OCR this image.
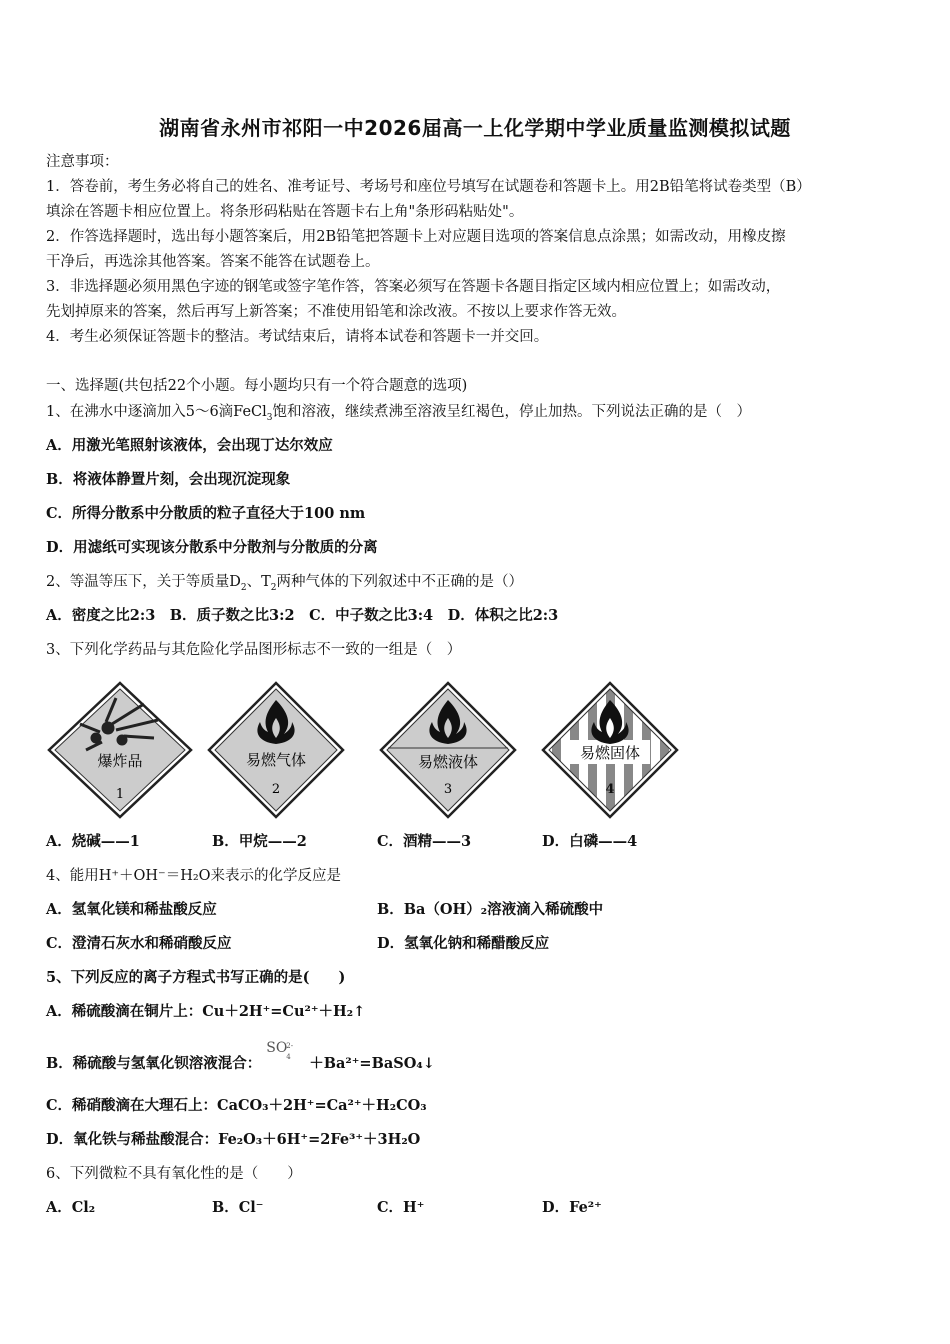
湖南省永州市祁阳一中2026届高一上化学期中学业质量监测模拟试题
注意事项：
1．答卷前，考生务必将自己的姓名、准考证号、考场号和座位号填写在试题卷和答题卡上。用2B铅笔将试卷类型（B）
填涂在答题卡相应位置上。将条形码粘贴在答题卡右上角"条形码粘贴处"。
2．作答选择题时，选出每小题答案后，用2B铅笔把答题卡上对应题目选项的答案信息点涂黑；如需改动，用橡皮擦
干净后，再选涂其他答案。答案不能答在试题卷上。
3．非选择题必须用黑色字迹的钢笔或签字笔作答，答案必须写在答题卡各题目指定区域内相应位置上；如需改动，
先划掉原来的答案，然后再写上新答案；不准使用铅笔和涂改液。不按以上要求作答无效。
4．考生必须保证答题卡的整洁。考试结束后，请将本试卷和答题卡一并交回。
一、选择题(共包括22个小题。每小题均只有一个符合题意的选项)
1、在沸水中逐滴加入5～6滴FeCl$_3$饱和溶液，继续煮沸至溶液呈红褐色，停止加热。下列说法正确的是（　）
A．用激光笔照射该液体，会出现丁达尔效应
B．将液体静置片刻，会出现沉淀现象
C．所得分散系中分散质的粒子直径大于100 nm
D．用滤纸可实现该分散系中分散剂与分散质的分离
2、等温等压下，关于等质量$D_2$、$T_2$两种气体的下列叙述中不正确的是（）
A．密度之比2:3　B．质子数之比3:2　C．中子数之比3:4　D．体积之比2:3
3、下列化学药品与其危险化学品图形标志不一致的一组是（　）
爆炸品
1
易燃气体
2
易燃液体
3
易燃固体
4
A．烧碱——1	B．甲烷——2	C．酒精——3	D．白磷——4
4、能用H⁺＋OH⁻＝H₂O来表示的化学反应是
A．氢氧化镁和稀盐酸反应	B．Ba（OH）₂溶液滴入稀硫酸中
C．澄清石灰水和稀硝酸反应	D．氢氧化钠和稀醋酸反应
5、下列反应的离子方程式书写正确的是(　　)
A．稀硫酸滴在铜片上：Cu＋2H⁺=Cu²⁺＋H₂↑
B．稀硫酸与氢氧化钡溶液混合：
SO
2-
4 ＋Ba²⁺=BaSO₄↓
C．稀硝酸滴在大理石上：CaCO₃＋2H⁺=Ca²⁺＋H₂CO₃
D．氧化铁与稀盐酸混合：Fe₂O₃＋6H⁺=2Fe³⁺＋3H₂O
6、下列微粒不具有氧化性的是（　　）
A．Cl₂	B．Cl⁻	C．H⁺	D．Fe²⁺
